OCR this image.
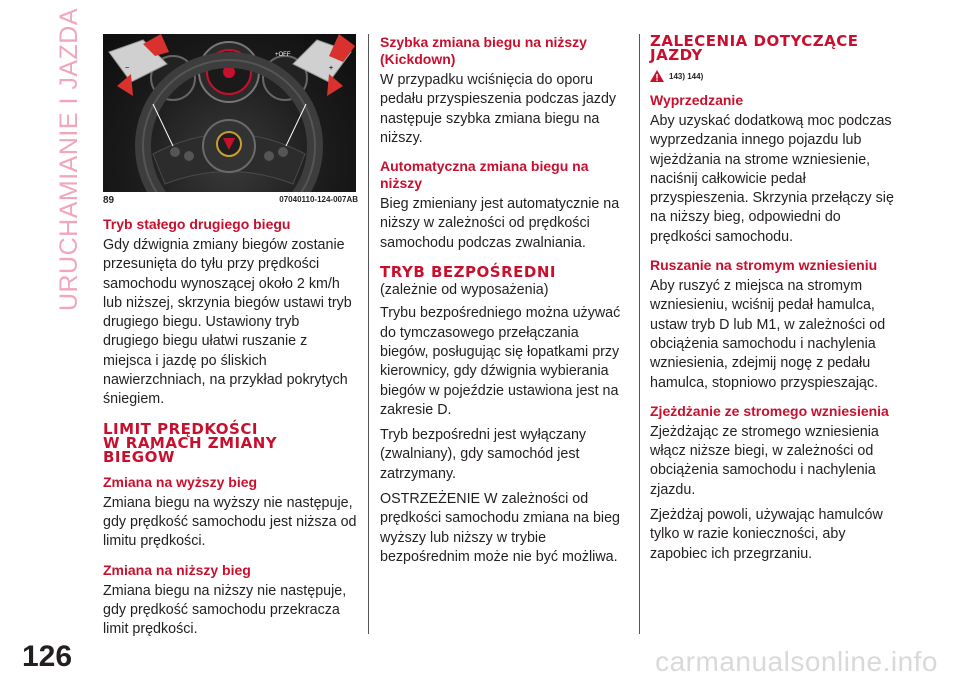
URUCHAMIANIE I JAZDA	+OFF
−	+
89	07040110-124-007AB
Tryb stałego drugiego biegu

Gdy dźwignia zmiany biegów zostanie przesunięta do tyłu przy prędkości samochodu wynoszącej około 2 km/h lub niższej, skrzynia biegów ustawi tryb drugiego biegu. Ustawiony tryb drugiego biegu ułatwi ruszanie z miejsca i jazdę po śliskich nawierzchniach, na przykład pokrytych śniegiem.

LIMIT PRĘDKOŚCI
W RAMACH ZMIANY
BIEGÓW
Zmiana na wyższy bieg

Zmiana biegu na wyższy nie następuje, gdy prędkość samochodu jest niższa od limitu prędkości.

Zmiana na niższy bieg

Zmiana biegu na niższy nie następuje, gdy prędkość samochodu przekracza limit prędkości.

Szybka zmiana biegu na niższy (Kickdown)

W przypadku wciśnięcia do oporu pedału przyspieszenia podczas jazdy następuje szybka zmiana biegu na niższy.

Automatyczna zmiana biegu na niższy

Bieg zmieniany jest automatycznie na niższy w zależności od prędkości samochodu podczas zwalniania.

TRYB BEZPOŚREDNI

(zależnie od wyposażenia)

Trybu bezpośredniego można używać do tymczasowego przełączania biegów, posługując się łopatkami przy kierownicy, gdy dźwignia wybierania biegów w pojeździe ustawiona jest na zakresie D.

Tryb bezpośredni jest wyłączany (zwalniany), gdy samochód jest zatrzymany.

OSTRZEŻENIE W zależności od prędkości samochodu zmiana na bieg wyższy lub niższy w trybie bezpośrednim może nie być możliwa.

ZALECENIA DOTYCZĄCE
JAZDY
143) 144)
Wyprzedzanie

Aby uzyskać dodatkową moc podczas wyprzedzania innego pojazdu lub wjeżdżania na strome wzniesienie, naciśnij całkowicie pedał przyspieszenia. Skrzynia przełączy się na niższy bieg, odpowiedni do prędkości samochodu.

Ruszanie na stromym wzniesieniu

Aby ruszyć z miejsca na stromym wzniesieniu, wciśnij pedał hamulca, ustaw tryb D lub M1, w zależności od obciążenia samochodu i nachylenia wzniesienia, zdejmij nogę z pedału hamulca, stopniowo przyspieszając.

Zjeżdżanie ze stromego wzniesienia

Zjeżdżając ze stromego wzniesienia włącz niższe biegi, w zależności od obciążenia samochodu i nachylenia zjazdu.

Zjeżdżaj powoli, używając hamulców tylko w razie konieczności, aby zapobiec ich przegrzaniu.

126	carmanualsonline.info
